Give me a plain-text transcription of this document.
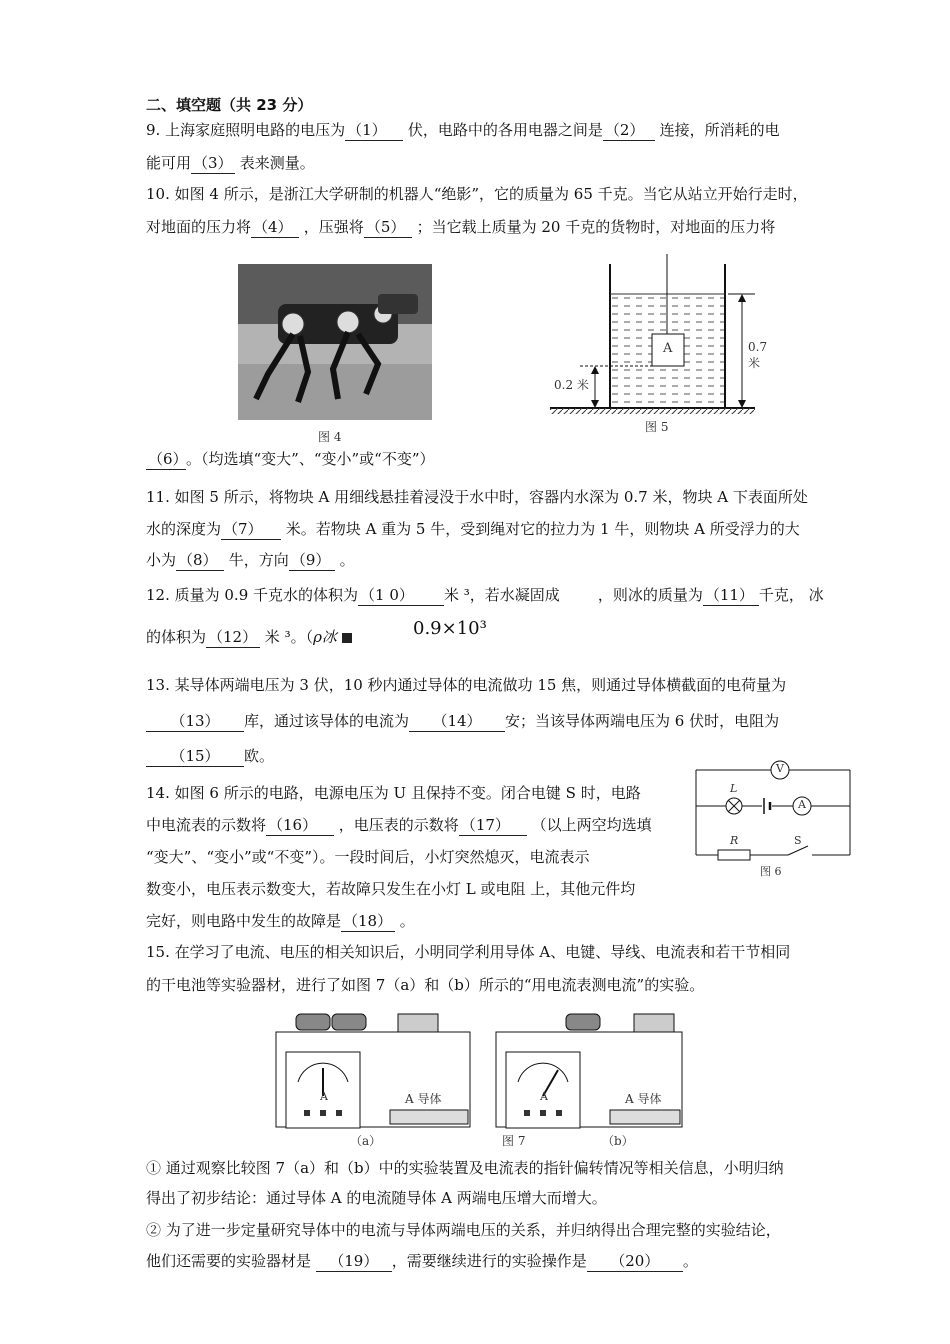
二、填空题（共 23 分）
9. 上海家庭照明电路的电压为 （1） 伏，电路中的各用电器之间是 （2） 连接，所消耗的电
能可用 （3） 表来测量。
10. 如图 4 所示，是浙江大学研制的机器人“绝影”，它的质量为 65 千克。当它从站立开始行走时，
对地面的压力将 （4） ，压强将 （5） ；当它载上质量为 20 千克的货物时，对地面的压力将
图 4
A	0.7 米
0.2 米
图 5
（6）。（均选填“变大”、“变小”或“不变”）
11. 如图 5 所示，将物块 A 用细线悬挂着浸没于水中时，容器内水深为 0.7 米，物块 A 下表面所处
水的深度为 （7） 米。若物块 A 重为 5 牛，受到绳对它的拉力为 1 牛，则物块 A 所受浮力的大
小为 （8） 牛，方向 （9） 。
12. 质量为 0.9 千克水的体积为 （1 0） 米 ³，若水凝固成	，则冰的质量为 （11） 千克， 冰
0.9×10³
的体积为 （12） 米 ³。（ρ冰
13. 某导体两端电压为 3 伏，10 秒内通过导体的电流做功 15 焦，则通过导体横截面的电荷量为
（13） 库，通过该导体的电流为 （14） 安；当该导体两端电压为 6 伏时，电阻为
（15） 欧。
14. 如图 6 所示的电路，电源电压为 U 且保持不变。闭合电键 S 时，电路
中电流表的示数将 （16） ，电压表的示数将 （17） （以上两空均选填
“变大”、“变小”或“不变”）。一段时间后，小灯突然熄灭，电流表示
数变小，电压表示数变大，若故障只发生在小灯 L 或电阻 上，其他元件均
完好，则电路中发生的故障是 （18） 。
V
A
L
R	S
图 6
15. 在学习了电流、电压的相关知识后，小明同学利用导体 A、电键、导线、电流表和若干节相同
的干电池等实验器材，进行了如图 7（a）和（b）所示的“用电流表测电流”的实验。
A	A
A 导体	A 导体
（a）	图 7	（b）
① 通过观察比较图 7（a）和（b）中的实验装置及电流表的指针偏转情况等相关信息，小明归纳
得出了初步结论：通过导体 A 的电流随导体 A 两端电压增大而增大。
② 为了进一步定量研究导体中的电流与导体两端电压的关系，并归纳得出合理完整的实验结论，
他们还需要的实验器材是 （19） ，需要继续进行的实验操作是 （20） 。
